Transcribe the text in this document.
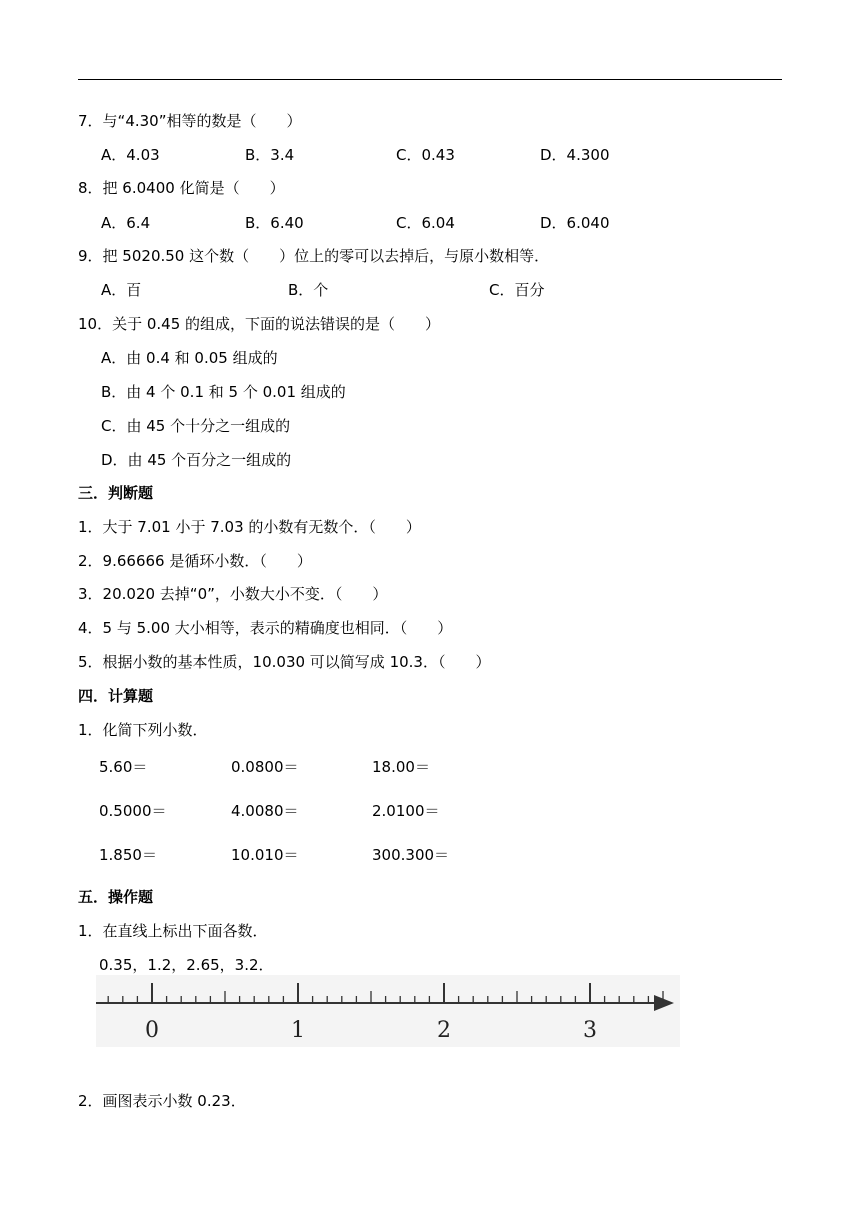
7．与“4.30”相等的数是（　　）
A．4.03	B．3.4	C．0.43	D．4.300
8．把 6.0400 化简是（　　）
A．6.4	B．6.40	C．6.04	D．6.040
9．把 5020.50 这个数（　　）位上的零可以去掉后，与原小数相等．
A．百	B．个	C．百分
10．关于 0.45 的组成，下面的说法错误的是（　　）
A．由 0.4 和 0.05 组成的
B．由 4 个 0.1 和 5 个 0.01 组成的
C．由 45 个十分之一组成的
D．由 45 个百分之一组成的
三．判断题
1．大于 7.01 小于 7.03 的小数有无数个．（　　）
2．9.66666 是循环小数．（　　）
3．20.020 去掉“0”，小数大小不变．（　　）
4．5 与 5.00 大小相等，表示的精确度也相同．（　　）
5．根据小数的基本性质，10.030 可以简写成 10.3．（　　）
四．计算题
1．化简下列小数．
5.60＝	0.0800＝	18.00＝
0.5000＝	4.0080＝	2.0100＝
1.850＝	10.010＝	300.300＝
五．操作题
1．在直线上标出下面各数．
0.35，1.2，2.65，3.2．
0	1	2	3
2．画图表示小数 0.23．
